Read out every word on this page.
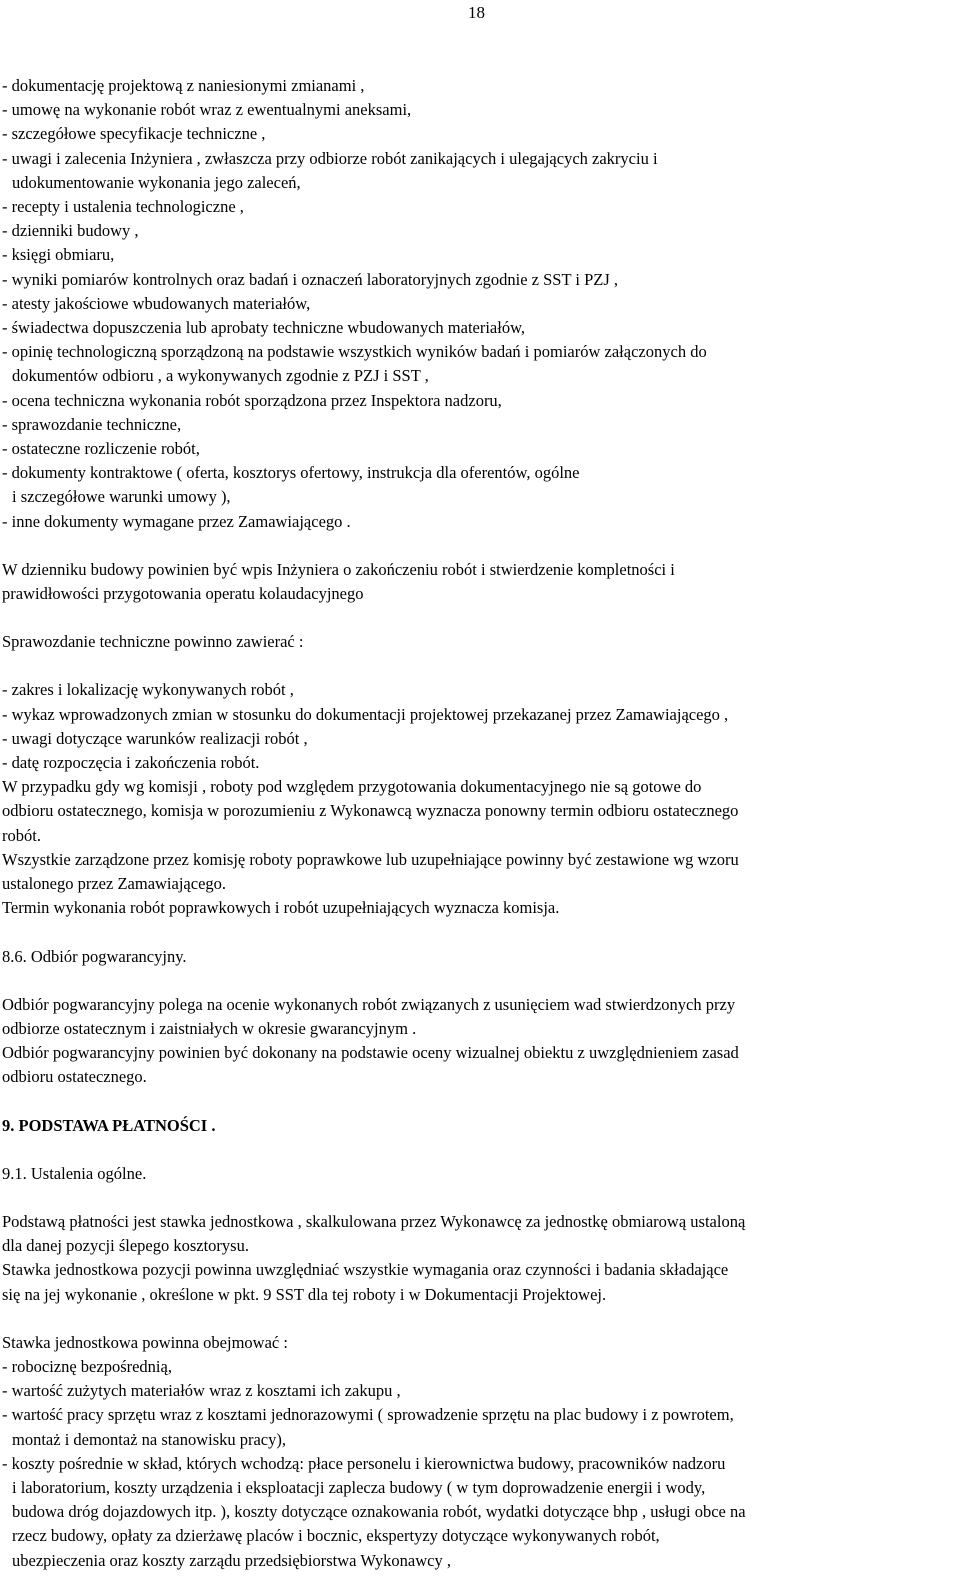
18
- dokumentację projektową z naniesionymi zmianami ,
- umowę na wykonanie robót wraz z ewentualnymi aneksami,
- szczegółowe specyfikacje techniczne ,
- uwagi i zalecenia Inżyniera , zwłaszcza przy odbiorze robót zanikających i ulegających zakryciu i
udokumentowanie wykonania jego zaleceń,
- recepty i ustalenia technologiczne ,
- dzienniki budowy ,
- księgi obmiaru,
- wyniki pomiarów kontrolnych oraz badań i oznaczeń laboratoryjnych zgodnie z SST i PZJ ,
- atesty jakościowe wbudowanych materiałów,
- świadectwa dopuszczenia lub aprobaty techniczne wbudowanych materiałów,
- opinię technologiczną sporządzoną na podstawie wszystkich wyników badań i pomiarów załączonych do
dokumentów odbioru , a wykonywanych zgodnie z PZJ i SST ,
- ocena techniczna wykonania robót sporządzona przez Inspektora nadzoru,
- sprawozdanie techniczne,
- ostateczne rozliczenie robót,
- dokumenty kontraktowe ( oferta, kosztorys ofertowy, instrukcja dla oferentów, ogólne
i szczegółowe warunki umowy ),
- inne dokumenty wymagane przez Zamawiającego .
W dzienniku budowy powinien być wpis Inżyniera o zakończeniu robót i stwierdzenie kompletności i
prawidłowości przygotowania operatu kolaudacyjnego
Sprawozdanie techniczne powinno zawierać :
- zakres i lokalizację wykonywanych robót ,
- wykaz wprowadzonych zmian w stosunku do dokumentacji projektowej przekazanej przez Zamawiającego ,
- uwagi dotyczące warunków realizacji robót ,
- datę rozpoczęcia i zakończenia robót.
W przypadku gdy wg komisji , roboty pod względem przygotowania dokumentacyjnego nie są gotowe do
odbioru ostatecznego, komisja w porozumieniu z Wykonawcą wyznacza ponowny termin odbioru ostatecznego
robót.
Wszystkie zarządzone przez komisję roboty poprawkowe lub uzupełniające powinny być zestawione wg wzoru
ustalonego przez Zamawiającego.
Termin wykonania robót poprawkowych i robót uzupełniających wyznacza komisja.
8.6. Odbiór pogwarancyjny.
Odbiór pogwarancyjny polega na ocenie wykonanych robót związanych z usunięciem wad stwierdzonych przy
odbiorze ostatecznym i zaistniałych w okresie gwarancyjnym .
Odbiór pogwarancyjny powinien być dokonany na podstawie oceny wizualnej obiektu z uwzględnieniem zasad
odbioru ostatecznego.
9. PODSTAWA PŁATNOŚCI .
9.1. Ustalenia ogólne.
Podstawą płatności jest stawka jednostkowa , skalkulowana przez Wykonawcę za jednostkę obmiarową ustaloną
dla danej pozycji ślepego kosztorysu.
Stawka jednostkowa pozycji powinna uwzględniać wszystkie wymagania oraz czynności i badania składające
się na jej wykonanie , określone w pkt. 9 SST dla tej roboty i w Dokumentacji Projektowej.
Stawka jednostkowa powinna obejmować :
- robociznę bezpośrednią,
- wartość zużytych materiałów wraz z kosztami ich zakupu ,
- wartość pracy sprzętu wraz z kosztami jednorazowymi ( sprowadzenie sprzętu na plac budowy i z powrotem,
montaż i demontaż na stanowisku pracy),
- koszty pośrednie w skład, których wchodzą: płace personelu i kierownictwa budowy, pracowników nadzoru
i laboratorium, koszty urządzenia i eksploatacji zaplecza budowy ( w tym doprowadzenie energii i wody,
budowa dróg dojazdowych itp. ), koszty dotyczące oznakowania robót, wydatki dotyczące bhp , usługi obce na
rzecz budowy, opłaty za dzierżawę placów i bocznic, ekspertyzy dotyczące wykonywanych robót,
ubezpieczenia oraz koszty zarządu przedsiębiorstwa Wykonawcy ,
